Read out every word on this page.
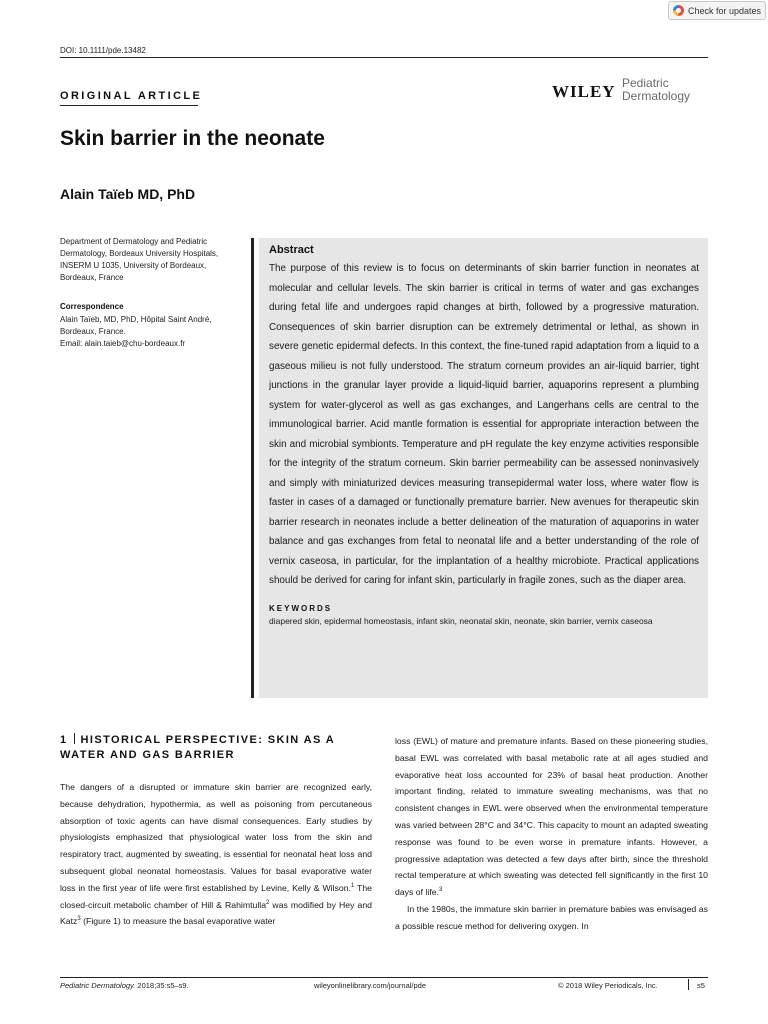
Check for updates
DOI: 10.1111/pde.13482
ORIGINAL ARTICLE	WILEY Pediatric
Dermatology
Skin barrier in the neonate
Alain Taïeb MD, PhD
Department of Dermatology and Pediatric Dermatology, Bordeaux University Hospitals, INSERM U 1035, University of Bordeaux, Bordeaux, France
Correspondence
Alain Taïeb, MD, PhD, Hôpital Saint André,
Bordeaux, France.
Email: alain.taieb@chu-bordeaux.fr
Abstract
The purpose of this review is to focus on determinants of skin barrier function in neonates at molecular and cellular levels. The skin barrier is critical in terms of water and gas exchanges during fetal life and undergoes rapid changes at birth, followed by a progressive maturation. Consequences of skin barrier disruption can be extremely detrimental or lethal, as shown in severe genetic epidermal defects. In this context, the fine-tuned rapid adaptation from a liquid to a gaseous milieu is not fully understood. The stratum corneum provides an air-liquid barrier, tight junctions in the granular layer provide a liquid-liquid barrier, aquaporins represent a plumbing system for water-glycerol as well as gas exchanges, and Langerhans cells are central to the immunological barrier. Acid mantle formation is essential for appropriate interaction between the skin and microbial symbionts. Temperature and pH regulate the key enzyme activities responsible for the integrity of the stratum corneum. Skin barrier permeability can be assessed noninvasively and simply with miniaturized devices measuring transepidermal water loss, where water flow is faster in cases of a damaged or functionally premature barrier. New avenues for therapeutic skin barrier research in neonates include a better delineation of the maturation of aquaporins in water balance and gas exchanges from fetal to neonatal life and a better understanding of the role of vernix caseosa, in particular, for the implantation of a healthy microbiote. Practical applications should be derived for caring for infant skin, particularly in fragile zones, such as the diaper area.
KEYWORDS
diapered skin, epidermal homeostasis, infant skin, neonatal skin, neonate, skin barrier, vernix caseosa
1 HISTORICAL PERSPECTIVE: SKIN AS A WATER AND GAS BARRIER

The dangers of a disrupted or immature skin barrier are recognized early, because dehydration, hypothermia, as well as poisoning from percutaneous absorption of toxic agents can have dismal consequences. Early studies by physiologists emphasized that physiological water loss from the skin and respiratory tract, augmented by sweating, is essential for neonatal heat loss and subsequent global neonatal homeostasis. Values for basal evaporative water loss in the first year of life were first established by Levine, Kelly & Wilson.$^1$ The closed-circuit metabolic chamber of Hill & Rahimtulla$^2$ was modified by Hey and Katz$^3$ (Figure 1) to measure the basal evaporative water

loss (EWL) of mature and premature infants. Based on these pioneering studies, basal EWL was correlated with basal metabolic rate at all ages studied and evaporative heat loss accounted for 23% of basal heat production. Another important finding, related to immature sweating mechanisms, was that no consistent changes in EWL were observed when the environmental temperature was varied between 28°C and 34°C. This capacity to mount an adapted sweating response was found to be even worse in premature infants. However, a progressive adaptation was detected a few days after birth, since the threshold rectal temperature at which sweating was detected fell significantly in the first 10 days of life.$^3$

In the 1980s, the immature skin barrier in premature babies was envisaged as a possible rescue method for delivering oxygen. In

Pediatric Dermatology. 2018;35:s5–s9.	wileyonlinelibrary.com/journal/pde	© 2018 Wiley Periodicals, Inc.	s5
